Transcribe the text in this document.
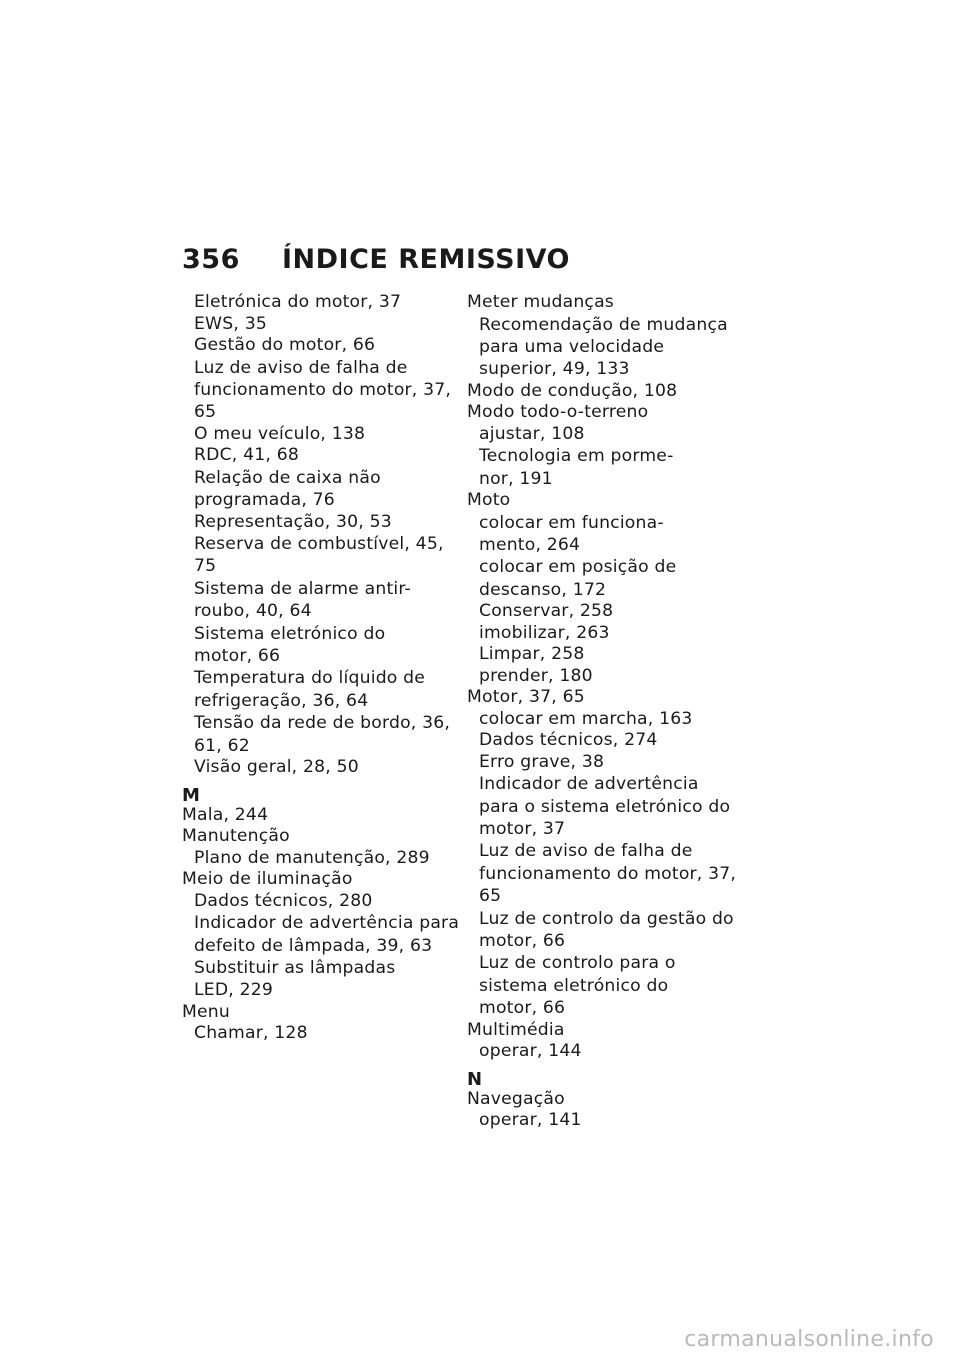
356 ÍNDICE REMISSIVO
Eletrónica do motor, 37
EWS, 35
Gestão do motor, 66
Luz de aviso de falha de
funcionamento do motor, 37,
65
O meu veículo, 138
RDC, 41, 68
Relação de caixa não
programada, 76
Representação, 30, 53
Reserva de combustível, 45,
75
Sistema de alarme antir-
roubo, 40, 64
Sistema eletrónico do
motor, 66
Temperatura do líquido de
refrigeração, 36, 64
Tensão da rede de bordo, 36,
61, 62
Visão geral, 28, 50
M
Mala, 244
Manutenção
Plano de manutenção, 289
Meio de iluminação
Dados técnicos, 280
Indicador de advertência para
defeito de lâmpada, 39, 63
Substituir as lâmpadas
LED, 229
Menu
Chamar, 128
Meter mudanças
Recomendação de mudança
para uma velocidade
superior, 49, 133
Modo de condução, 108
Modo todo-o-terreno
ajustar, 108
Tecnologia em porme-
nor, 191
Moto
colocar em funciona-
mento, 264
colocar em posição de
descanso, 172
Conservar, 258
imobilizar, 263
Limpar, 258
prender, 180
Motor, 37, 65
colocar em marcha, 163
Dados técnicos, 274
Erro grave, 38
Indicador de advertência
para o sistema eletrónico do
motor, 37
Luz de aviso de falha de
funcionamento do motor, 37,
65
Luz de controlo da gestão do
motor, 66
Luz de controlo para o
sistema eletrónico do
motor, 66
Multimédia
operar, 144
N
Navegação
operar, 141
carmanualsonline.info
